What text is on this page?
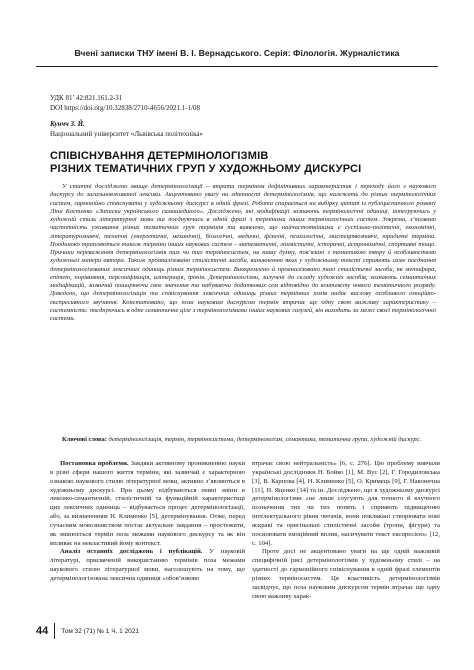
Вчені записки ТНУ імені В. І. Вернадського. Серія: Філологія. Журналістика
УДК 81’ 42:821.161.2-31
DOI https://doi.org/10.32838/2710-4656/2021.1-1/08
Кунчч З. Й.
Національний університет «Львівська політехніка»
СПІВІСНУВАННЯ ДЕТЕРМІНОЛОГІЗМІВ
РІЗНИХ ТЕМАТИЧНИХ ГРУП У ХУДОЖНЬОМУ ДИСКУРСІ
У статті досліджено явище детермінологізації – втрати терміном дефінітивних характеристик і переходу його з наукового дискурсу до загальновживаної лексики. Акцентовано увагу на здатності детермінологізмів, що належать до різних термінологічних систем, гармонійно співіснувати у художньому дискурсі в одній фразі. Робота спирається на вибірку цитат із публіцистичного роману Ліни Костенко «Записки українського самашедшого». Досліджено, які модифікації зазнають термінологічні одиниці, інтегруючись у художній стиль літературної мови та поєднуючись в одній фразі з термінами інших термінологічних систем. Зокрема, з’ясовано частотність уживання різних тематичних груп термінів та виявлено, що найчастотнішими є суспільно-політичні, економічні, літературознавчі, технічні (енергетичні, механічні), біологічні, медичні, фізичні, психологічні, мистецтвознавчі, юридичні терміни. Поодиноко трапляються також терміни інших наукових систем – математичні, лінгвістичні, історичні, астрономічні, спортивні тощо. Причини переважання детермінологізмів тих чи тих терміносистем, на нашу думку, пов’язані з тематикою твору й особливостями художньої манери автора. Також проаналізовано стилістичні засоби, виникненню яких у художньому тексті сприяють саме поєднання детермінологізованих лексичних одиниць різних терміносистем. Виокремлено й проаналізовано такі стилістичні засоби, як метафора, епітет, порівняння, персоніфікація, алітерація, іронія. Детермінологізми, залучені до складу художніх засобів, зазнають семантичних модифікацій, зазвичай поширюючи своє значення та набуваючи додаткових сем відповідно до контексту нового тематичного розряду. Доведено, що детермінологізація та співіснування лексичних одиниць різних термінних полів надає вислову особливого емоційно-експресивного звучання. Констатовано, що поза науковим дискурсом термін втрачає ще одну свою важливу характеристику – системність: поєднуючись в одне семантичне ціле з термінологізмами інших наукових галузей, він виходить за межі своєї термінологічної системи.
Ключові слова: детермінологізація, термін, терміносистема, детермінологізм, семантика, тематична група, художній дискурс.

Постановка проблеми. Завдяки активному проникненню науки в різні сфери нашого життя терміни, які зазвичай є характерною ознакою наукового стилю літературної мови, активно з’являються в художньому дискурсі. При цьому відбуваються певні зміни в лексико-семантичній, стилістичній та функційній характеристиці цих лексичних одиниць – відбувається процес детермінологізації, або, за визначенням Н. Клименко [5], детермінування. Отже, перед сучасним мовознавством постає актуальне завдання – простежити, як змінюється термін поза межами наукового дискурсу та як він впливає на невластивий йому контекст.

Аналіз останніх досліджень і публікацій. У науковій літературі, присвяченій використанню термінів поза межами наукового стилю літературної мови, наголошують на тому, що детермінологізована лексична одиниця «обов’язково

втрачає свою нейтральність» [6, с. 276]. Цю проблему вивчали українські дослідники Н. Бойко [1], М. Вус [2], Г. Городиловська [3], В. Карпова [4], Н. Клименко [5], О. Кримець [9], Г. Наконечна [11], Н. Яценко [14] та ін. Досліджено, що в художньому дискурсі детермінологізми «не лише слугують для точного й влучного позначення тих чи тих понять і сприяють підвищенню інтелектуального рівня читачів, вони покликані створювати нові яскраві та оригінальні стилістичні засоби (тропи, фігури) та посилювати емоційний вплив, насичувати текст експресією» [12, с. 104].

Проте досі не акцентовано уваги на ще одній важливій специфічній рисі детермінологізмів у художньому стилі – на здатності до гармонійного співіснування в одній фразі елементів різних терміносистем. Ця властивість детермінологізмів засвідчує, що поза науковим дискурсом термін втрачає ще одну свою важливу харак-

44 Том 32 (71) № 1 Ч. 1 2021
